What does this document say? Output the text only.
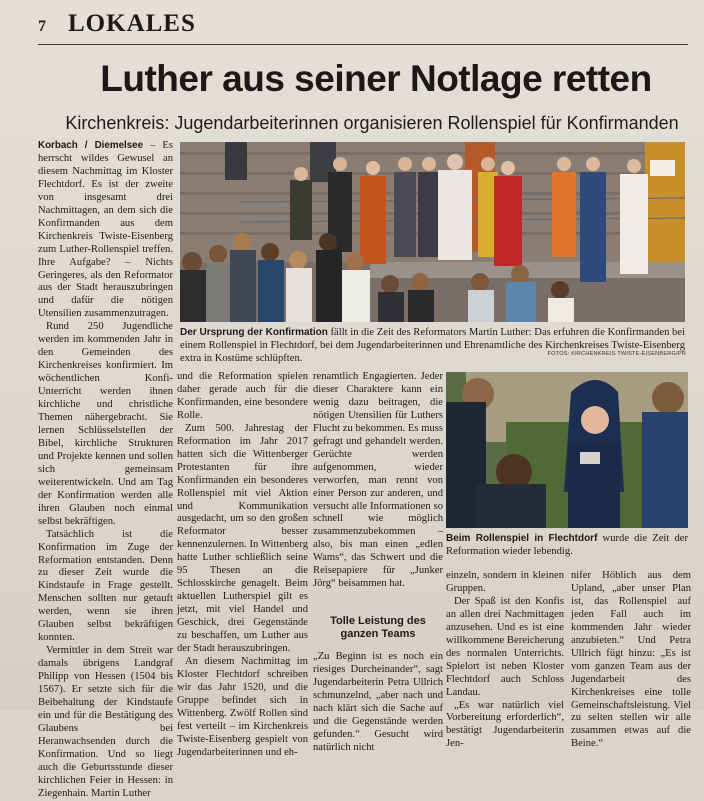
7 LOKALES
Luther aus seiner Notlage retten
Kirchenkreis: Jugendarbeiterinnen organisieren Rollenspiel für Konfirmanden

Korbach / Diemelsee – Es herrscht wildes Gewusel an diesem Nachmittag im Kloster Flechtdorf. Es ist der zweite von insgesamt drei Nachmittagen, an dem sich die Konfirmanden aus dem Kirchenkreis Twiste-Eisenberg zum Luther-Rollenspiel treffen. Ihre Aufgabe? – Nichts Geringeres, als den Reformator aus der Stadt herauszubringen und dafür die nötigen Utensilien zusammenzutragen.

Rund 250 Jugendliche werden im kommenden Jahr in den Gemeinden des Kirchenkreises konfirmiert. Im wöchentlichen Konfi-Unterricht werden ihnen kirchliche und christliche Themen nähergebracht. Sie lernen Schlüsselstellen der Bibel, kirchliche Strukturen und Projekte kennen und sollen sich gemeinsam weiterentwickeln. Und am Tag der Konfirmation werden alle ihren Glauben noch einmal selbst bekräftigen.

Tatsächlich ist die Konfirmation im Zuge der Reformation entstanden. Denn zu dieser Zeit wurde die Kindstaufe in Frage gestellt. Menschen sollten nur getauft werden, wenn sie ihren Glauben selbst bekräftigen konnten.

Vermittler in dem Streit war damals übrigens Landgraf Philipp von Hessen (1504 bis 1567). Er setzte sich für die Beibehaltung der Kindstaufe ein und für die Bestätigung des Glaubens bei Heranwachsenden durch die Konfirmation. Und so liegt auch die Geburtsstunde dieser kirchlichen Feier in Hessen: in Ziegenhain. Martin Luther

Der Ursprung der Konfirmation fällt in die Zeit des Reformators Martin Luther: Das erfuhren die Konfirmanden bei einem Rollenspiel in Flechtdorf, bei dem Jugendarbeiterinnen und Ehrenamtliche des Kirchenkreises Twiste-Eisenberg extra in Kostüme schlüpften.	FOTOS: KIRCHENKREIS TWISTE-EISENBERG/PR

und die Reformation spielen daher gerade auch für die Konfirmanden, eine besondere Rolle.

Zum 500. Jahrestag der Reformation im Jahr 2017 hatten sich die Wittenberger Protestanten für ihre Konfirmanden ein besonderes Rollenspiel mit viel Aktion und Kommunikation ausgedacht, um so den großen Reformator besser kennenzulernen. In Wittenberg hatte Luther schließlich seine 95 Thesen an die Schlosskirche genagelt. Beim aktuellen Lutherspiel gilt es jetzt, mit viel Handel und Geschick, drei Gegenstände zu beschaffen, um Luther aus der Stadt herauszubringen.

An diesem Nachmittag im Kloster Flechtdorf schreiben wir das Jahr 1520, und die Gruppe befindet sich in Wittenberg. Zwölf Rollen sind fest verteilt – im Kirchenkreis Twiste-Eisenberg gespielt von Jugendarbeiterinnen und eh-

renamtlich Engagierten. Jeder dieser Charaktere kann ein wenig dazu beitragen, die nötigen Utensilien für Luthers Flucht zu bekommen. Es muss gefragt und gehandelt werden. Gerüchte werden aufgenommen, wieder verworfen, man rennt von einer Person zur anderen, und versucht alle Informationen so schnell wie möglich zusammenzubekommen – also, bis man einen „edlen Wams“, das Schwert und die Reisepapiere für „Junker Jörg“ beisammen hat.

Tolle Leistung des ganzen Teams

„Zu Beginn ist es noch ein riesiges Durcheinander“, sagt Jugendarbeiterin Petra Ullrich schmunzelnd, „aber nach und nach klärt sich die Sache auf und die Gegenstände werden gefunden.“ Gesucht wird natürlich nicht

Beim Rollenspiel in Flechtdorf wurde die Zeit der Reformation wieder lebendig.

einzeln, sondern in kleinen Gruppen.

Der Spaß ist den Konfis an allen drei Nachmittagen anzusehen. Und es ist eine willkommene Bereicherung des normalen Unterrichts. Spielort ist neben Kloster Flechtdorf auch Schloss Landau.

„Es war natürlich viel Vorbereitung erforderlich“, bestätigt Jugendarbeiterin Jen-

nifer Höblich aus dem Upland, „aber unser Plan ist, das Rollenspiel auf jeden Fall auch im kommenden Jahr wieder anzubieten.“ Und Petra Ullrich fügt hinzu: „Es ist vom ganzen Team aus der Jugendarbeit des Kirchenkreises eine tolle Gemeinschaftsleistung. Viel zu selten stellen wir alle zusammen etwas auf die Beine.“
